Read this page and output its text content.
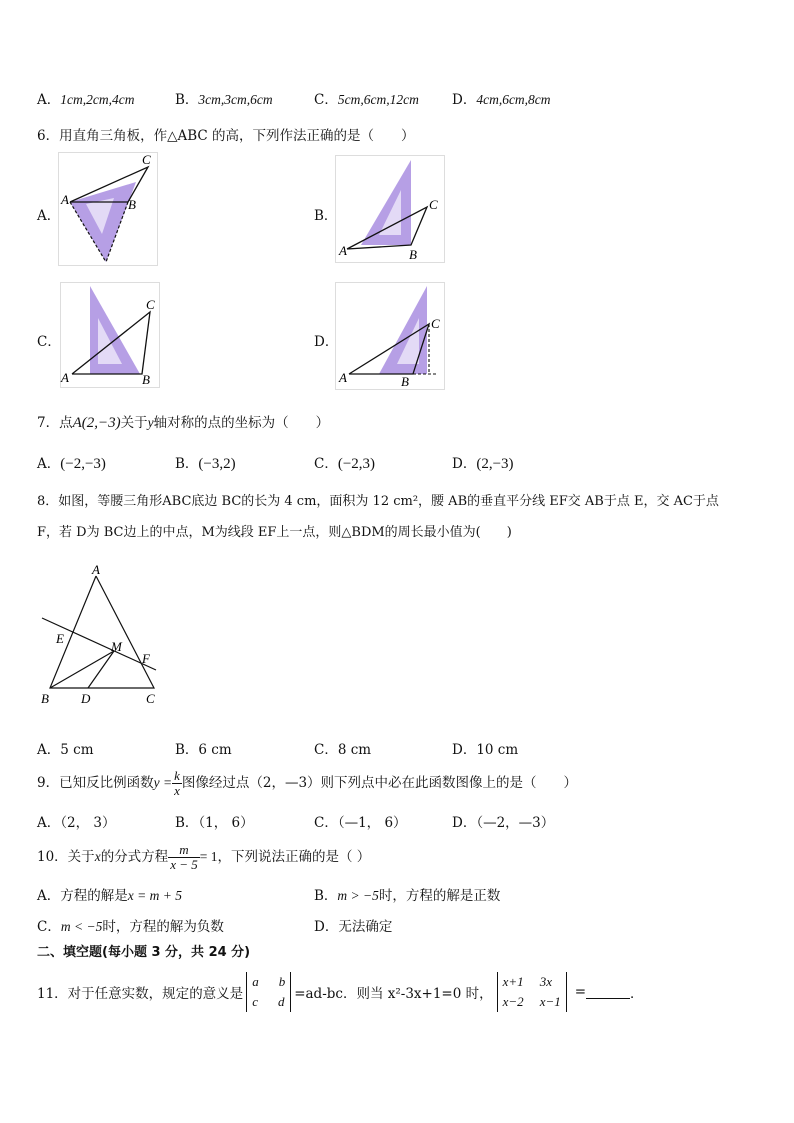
A．1cm,2cm,4cm	B．3cm,3cm,6cm	C．5cm,6cm,12cm D．4cm,6cm,8cm
6．用直角三角板，作△ABC 的高，下列作法正确的是（　　）
A．
C
A	B
B．
C
A	B
C．
C
A	B
D．
C
A	B
7．点A(2,−3)关于y轴对称的点的坐标为（　　）
A．(−2,−3)	B．(−3,2)	C．(−2,3)	D．(2,−3)
8．如图，等腰三角形ABC底边 BC的长为 4 cm，面积为 12 cm²，腰 AB的垂直平分线 EF交 AB于点 E，交 AC于点
F，若 D为 BC边上的中点，M为线段 EF上一点，则△BDM的周长最小值为(　　)
A
E
M
F
B D	C
A．5 cm	B．6 cm	C．8 cm	D．10 cm
9．已知反比例函数$y = \frac{k}{x}$ 图像经过点（2，—3）则下列点中必在此函数图像上的是（　　）
A．（2， 3）	B．（1， 6）	C．（—1， 6）	D．（—2，—3）
10．关于x的分式方程 $\frac{m}{x - 5} = 1$，下列说法正确的是（ ）
A．方程的解是x = m + 5	B．m > −5时，方程的解是正数
C．m < −5时，方程的解为负数	D．无法确定
二、填空题(每小题 3 分，共 24 分)
11．对于任意实数，规定 的意义是
a b
c d =ad-bc．则当 x²-3x+1=0 时，
x+1 3x
x−2 x−1
=	．
